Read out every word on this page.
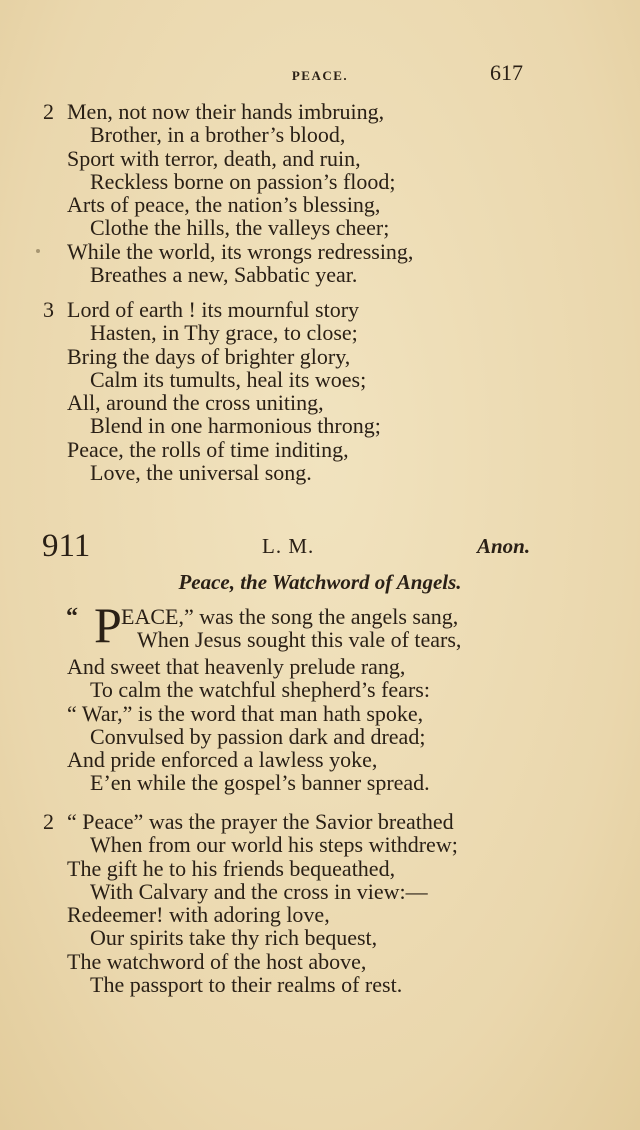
PEACE.	617
2 Men, not now their hands imbruing,
Brother, in a brother’s blood,
Sport with terror, death, and ruin,
Reckless borne on passion’s flood;
Arts of peace, the nation’s blessing,
Clothe the hills, the valleys cheer;
While the world, its wrongs redressing,
Breathes a new, Sabbatic year.
3 Lord of earth ! its mournful story
Hasten, in Thy grace, to close;
Bring the days of brighter glory,
Calm its tumults, heal its woes;
All, around the cross uniting,
Blend in one harmonious throng;
Peace, the rolls of time inditing,
Love, the universal song.
911	L. M.	Anon.
Peace, the Watchword of Angels.
“ P EACE,” was the song the angels sang,
When Jesus sought this vale of tears,
And sweet that heavenly prelude rang,
To calm the watchful shepherd’s fears:
“ War,” is the word that man hath spoke,
Convulsed by passion dark and dread;
And pride enforced a lawless yoke,
E’en while the gospel’s banner spread.
2 “ Peace” was the prayer the Savior breathed
When from our world his steps withdrew;
The gift he to his friends bequeathed,
With Calvary and the cross in view:—
Redeemer! with adoring love,
Our spirits take thy rich bequest,
The watchword of the host above,
The passport to their realms of rest.
